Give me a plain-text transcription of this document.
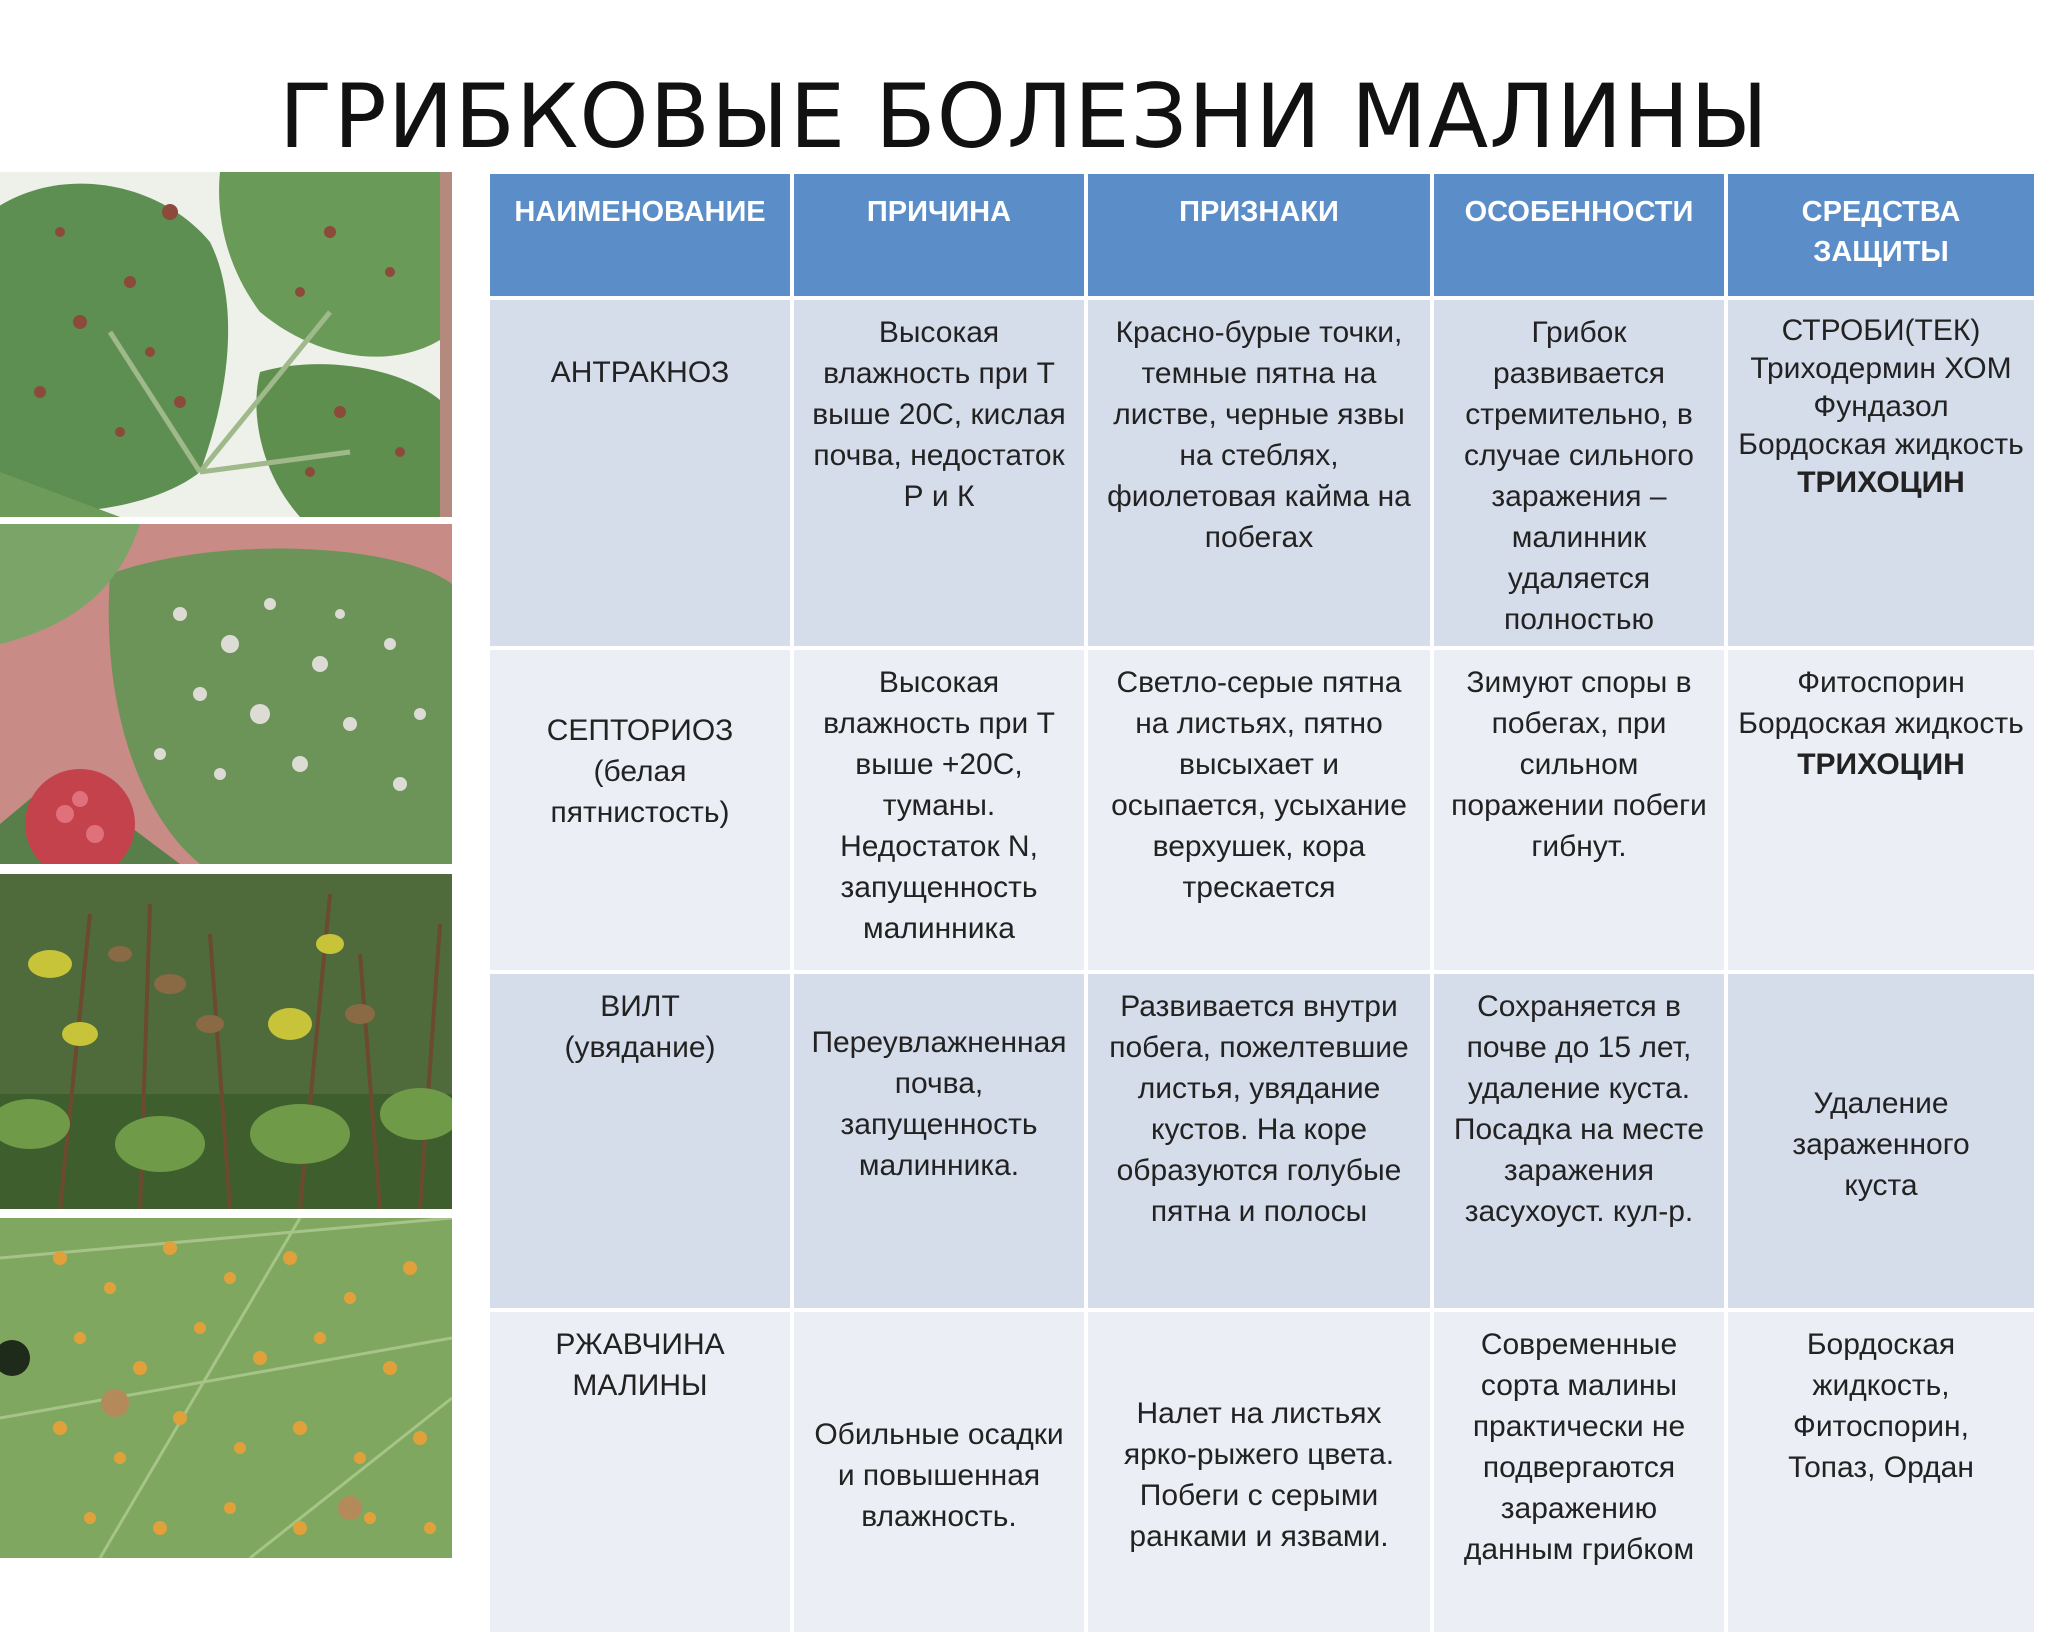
ГРИБКОВЫЕ БОЛЕЗНИ МАЛИНЫ
НАИМЕНОВАНИЕ	ПРИЧИНА	ПРИЗНАКИ	ОСОБЕННОСТИ	СРЕДСТВА ЗАЩИТЫ

АНТРАКНОЗ	Высокая влажность при Т выше 20С, кислая почва, недостаток Р и К	Красно-бурые точки, темные пятна на листве, черные язвы на стеблях, фиолетовая кайма на побегах	Грибок развивается стремительно, в случае сильного заражения – малинник удаляется полностью	СТРОБИ(ТЕК)
Триходермин ХОМ
Фундазол
Бордоская жидкость
ТРИХОЦИН

СЕПТОРИОЗ
(белая
пятнистость)	Высокая влажность при Т выше +20С, туманы. Недостаток N, запущенность малинника	Светло-серые пятна на листьях, пятно высыхает и осыпается, усыхание верхушек, кора трескается	Зимуют споры в побегах, при сильном поражении побеги гибнут.	Фитоспорин
Бордоская жидкость
ТРИХОЦИН

ВИЛТ
(увядание)	Переувлажненная почва, запущенность малинника.	Развивается внутри побега, пожелтевшие листья, увядание кустов. На коре образуются голубые пятна и полосы	Сохраняется в почве до 15 лет, удаление куста. Посадка на месте заражения засухоуст. кул-р.	Удаление
зараженного
куста

РЖАВЧИНА
МАЛИНЫ	Обильные осадки и повышенная влажность.	Налет на листьях ярко-рыжего цвета. Побеги с серыми ранками и язвами.	Современные сорта малины практически не подвергаются заражению данным грибком	Бордоская
жидкость,
Фитоспорин,
Топаз, Ордан
